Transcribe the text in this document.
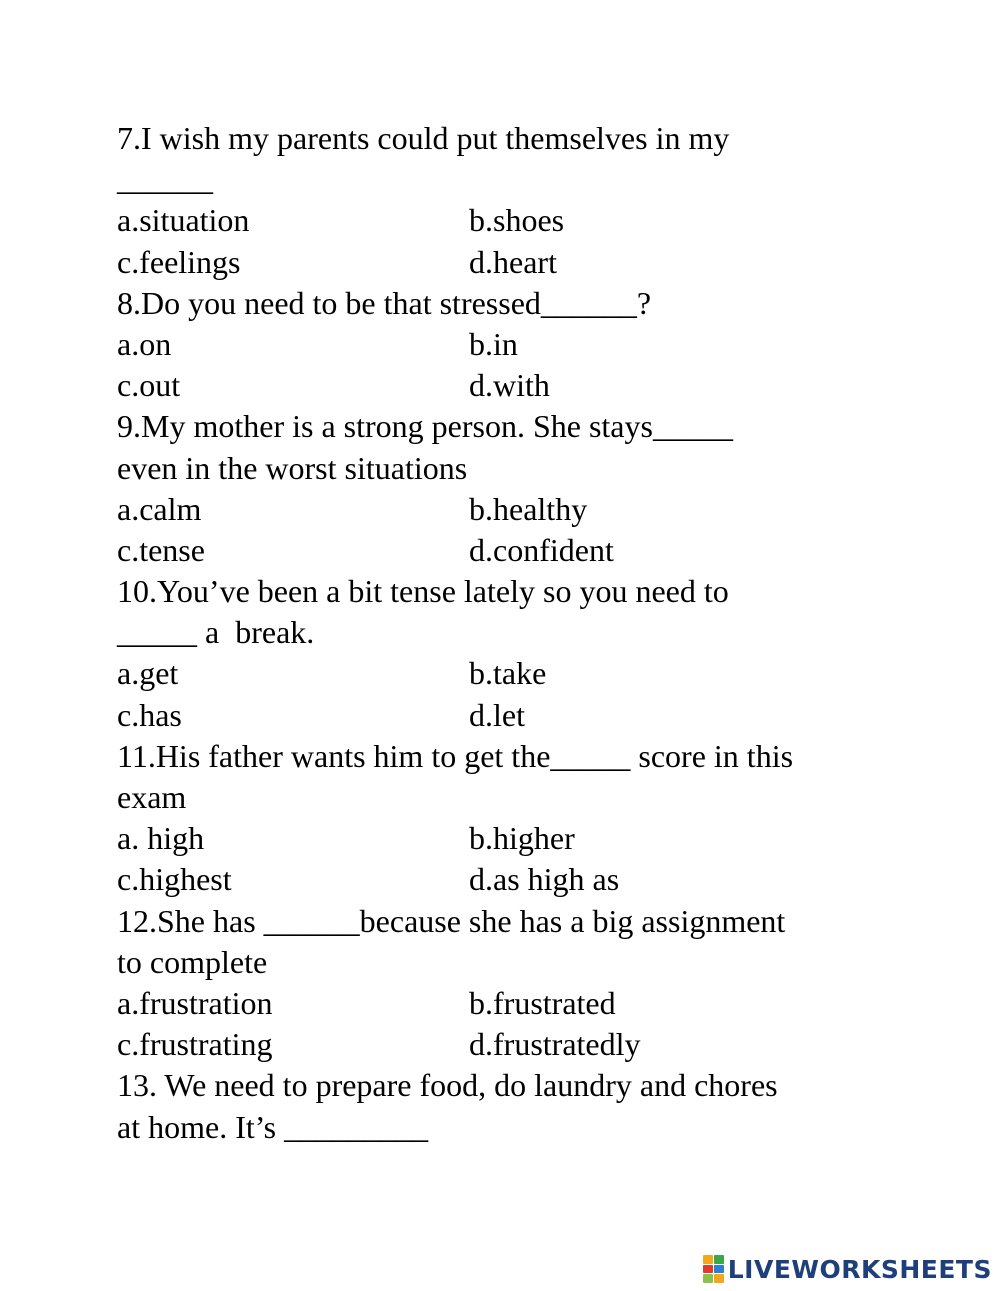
7.I wish my parents could put themselves in my
______
a.situation	b.shoes
c.feelings	d.heart
8.Do you need to be that stressed______?
a.on	b.in
c.out	d.with
9.My mother is a strong person. She stays_____
even in the worst situations
a.calm	b.healthy
c.tense	d.confident
10.You’ve been a bit tense lately so you need to
_____ a  break.
a.get	b.take
c.has	d.let
11.His father wants him to get the_____ score in this
exam
a. high	b.higher
c.highest	d.as high as
12.She has ______because she has a big assignment
to complete
a.frustration	b.frustrated
c.frustrating	d.frustratedly
13. We need to prepare food, do laundry and chores
at home. It’s _________
LIVEWORKSHEETS
